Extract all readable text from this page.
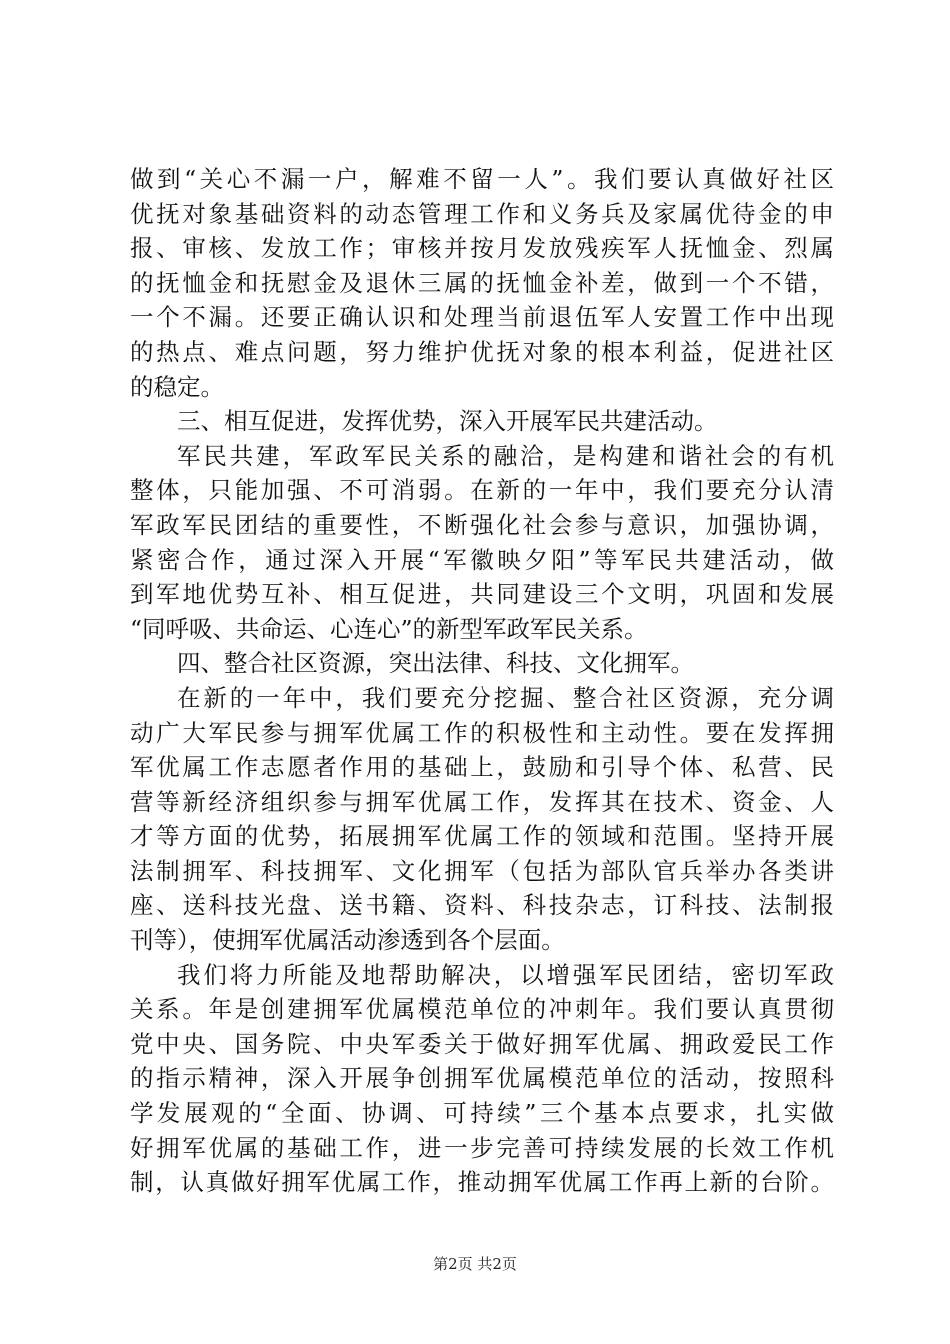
做到“关心不漏一户，解难不留一人”。我们要认真做好社区
优抚对象基础资料的动态管理工作和义务兵及家属优待金的申
报、审核、发放工作；审核并按月发放残疾军人抚恤金、烈属
的抚恤金和抚慰金及退休三属的抚恤金补差，做到一个不错，
一个不漏。还要正确认识和处理当前退伍军人安置工作中出现
的热点、难点问题，努力维护优抚对象的根本利益，促进社区
的稳定。
三、相互促进，发挥优势，深入开展军民共建活动。
军民共建，军政军民关系的融洽，是构建和谐社会的有机
整体，只能加强、不可消弱。在新的一年中，我们要充分认清
军政军民团结的重要性，不断强化社会参与意识，加强协调，
紧密合作，通过深入开展“军徽映夕阳”等军民共建活动，做
到军地优势互补、相互促进，共同建设三个文明，巩固和发展
“同呼吸、共命运、心连心”的新型军政军民关系。
四、整合社区资源，突出法律、科技、文化拥军。
在新的一年中，我们要充分挖掘、整合社区资源，充分调
动广大军民参与拥军优属工作的积极性和主动性。要在发挥拥
军优属工作志愿者作用的基础上，鼓励和引导个体、私营、民
营等新经济组织参与拥军优属工作，发挥其在技术、资金、人
才等方面的优势，拓展拥军优属工作的领域和范围。坚持开展
法制拥军、科技拥军、文化拥军（包括为部队官兵举办各类讲
座、送科技光盘、送书籍、资料、科技杂志，订科技、法制报
刊等），使拥军优属活动渗透到各个层面。
我们将力所能及地帮助解决，以增强军民团结，密切军政
关系。年是创建拥军优属模范单位的冲刺年。我们要认真贯彻
党中央、国务院、中央军委关于做好拥军优属、拥政爱民工作
的指示精神，深入开展争创拥军优属模范单位的活动，按照科
学发展观的“全面、协调、可持续”三个基本点要求，扎实做
好拥军优属的基础工作，进一步完善可持续发展的长效工作机
制，认真做好拥军优属工作，推动拥军优属工作再上新的台阶。
第2页 共2页
